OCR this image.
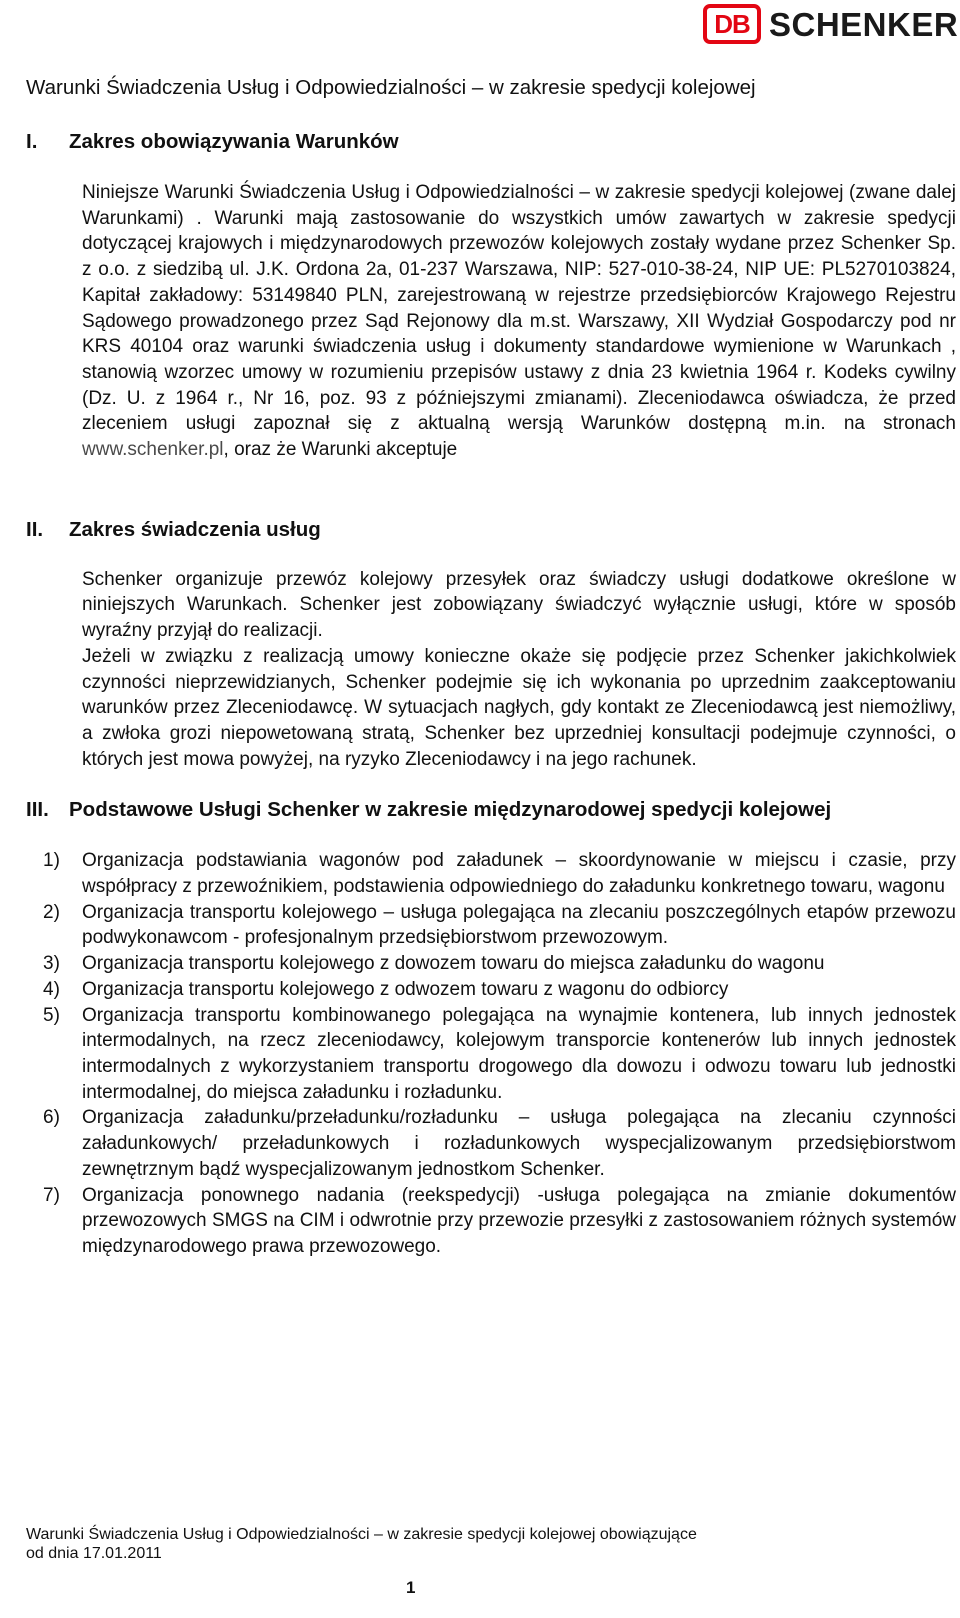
DB SCHENKER

Warunki Świadczenia Usług i Odpowiedzialności – w zakresie spedycji kolejowej

I.	Zakres obowiązywania Warunków

Niniejsze Warunki Świadczenia Usług i Odpowiedzialności – w zakresie spedycji kolejowej (zwane dalej Warunkami) . Warunki mają zastosowanie do wszystkich umów zawartych w zakresie spedycji dotyczącej krajowych i międzynarodowych przewozów kolejowych zostały wydane przez Schenker Sp. z o.o. z siedzibą ul. J.K. Ordona 2a, 01-237 Warszawa, NIP: 527-010-38-24, NIP UE: PL5270103824, Kapitał zakładowy: 53149840 PLN, zarejestrowaną w rejestrze przedsiębiorców Krajowego Rejestru Sądowego prowadzonego przez Sąd Rejonowy dla m.st. Warszawy, XII Wydział Gospodarczy pod nr KRS 40104 oraz warunki świadczenia usług i dokumenty standardowe wymienione w Warunkach , stanowią wzorzec umowy w rozumieniu przepisów ustawy z dnia 23 kwietnia 1964 r. Kodeks cywilny (Dz. U. z 1964 r., Nr 16, poz. 93 z późniejszymi zmianami). Zleceniodawca oświadcza, że przed zleceniem usługi zapoznał się z aktualną wersją Warunków dostępną m.in. na stronach www.schenker.pl, oraz że Warunki akceptuje

II.	Zakres świadczenia usług

Schenker organizuje przewóz kolejowy przesyłek oraz świadczy usługi dodatkowe określone w niniejszych Warunkach. Schenker jest zobowiązany świadczyć wyłącznie usługi, które w sposób wyraźny przyjął do realizacji.

Jeżeli w związku z realizacją umowy konieczne okaże się podjęcie przez Schenker jakichkolwiek czynności nieprzewidzianych, Schenker podejmie się ich wykonania po uprzednim zaakceptowaniu warunków przez Zleceniodawcę. W sytuacjach nagłych, gdy kontakt ze Zleceniodawcą jest niemożliwy, a zwłoka grozi niepowetowaną stratą, Schenker bez uprzedniej konsultacji podejmuje czynności, o których jest mowa powyżej, na ryzyko Zleceniodawcy i na jego rachunek.

III. Podstawowe Usługi Schenker w zakresie międzynarodowej spedycji kolejowej
1)	Organizacja podstawiania wagonów pod załadunek – skoordynowanie w miejscu i czasie, przy współpracy z przewoźnikiem, podstawienia odpowiedniego do załadunku konkretnego towaru, wagonu
2)	Organizacja transportu kolejowego – usługa polegająca na zlecaniu poszczególnych etapów przewozu podwykonawcom - profesjonalnym przedsiębiorstwom przewozowym.
3)	Organizacja transportu kolejowego z dowozem towaru do miejsca załadunku do wagonu
4)	Organizacja transportu kolejowego z odwozem towaru z wagonu do odbiorcy
5)	Organizacja transportu kombinowanego polegająca na wynajmie kontenera, lub innych jednostek intermodalnych, na rzecz zleceniodawcy, kolejowym transporcie kontenerów lub innych jednostek intermodalnych z wykorzystaniem transportu drogowego dla dowozu i odwozu towaru lub jednostki intermodalnej, do miejsca załadunku i rozładunku.
6)	Organizacja załadunku/przeładunku/rozładunku – usługa polegająca na zlecaniu czynności załadunkowych/ przeładunkowych i rozładunkowych wyspecjalizowanym przedsiębiorstwom zewnętrznym bądź wyspecjalizowanym jednostkom Schenker.
7)	Organizacja ponownego nadania (reekspedycji) -usługa polegająca na zmianie dokumentów przewozowych SMGS na CIM i odwrotnie przy przewozie przesyłki z zastosowaniem różnych systemów międzynarodowego prawa przewozowego.
Warunki Świadczenia Usług i Odpowiedzialności – w zakresie spedycji kolejowej obowiązujące
od dnia 17.01.2011
1
